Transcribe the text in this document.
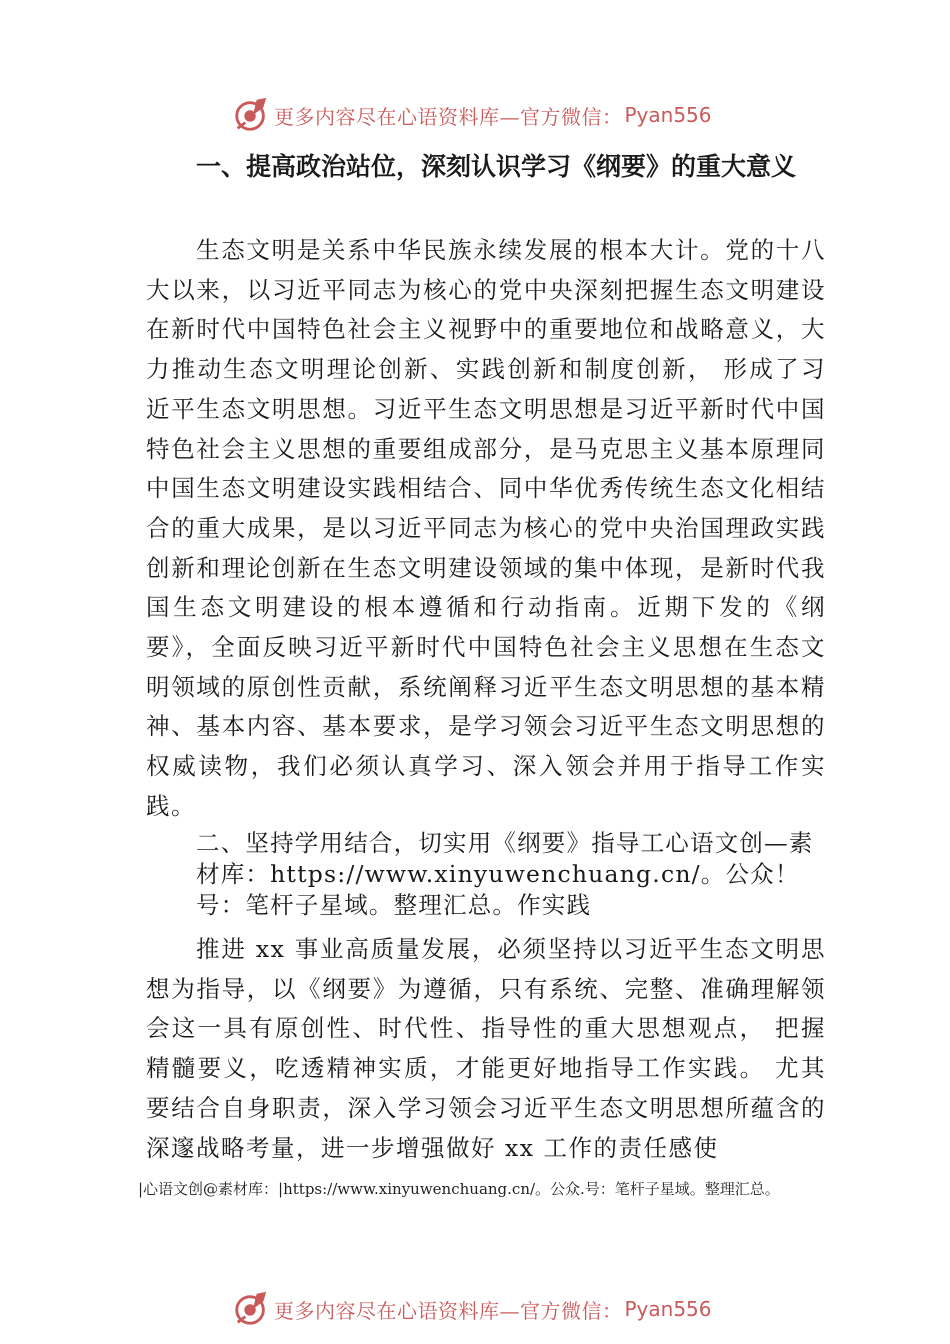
更多内容尽在心语资料库—官方微信： Pyan556
一、提高政治站位，深刻认识学习《纲要》的重大意义
生态文明是关系中华民族永续发展的根本大计。党的十八大以来，以习近平同志为核心的党中央深刻把握生态文明建设在新时代中国特色社会主义视野中的重要地位和战略意义，大力推动生态文明理论创新、实践创新和制度创新， 形成了习近平生态文明思想。习近平生态文明思想是习近平新时代中国特色社会主义思想的重要组成部分，是马克思主义基本原理同中国生态文明建设实践相结合、同中华优秀传统生态文化相结合的重大成果，是以习近平同志为核心的党中央治国理政实践创新和理论创新在生态文明建设领域的集中体现，是新时代我国生态文明建设的根本遵循和行动指南。近期下发的《纲要》，全面反映习近平新时代中国特色社会主义思想在生态文明领域的原创性贡献，系统阐释习近平生态文明思想的基本精神、基本内容、基本要求，是学习领会习近平生态文明思想的权威读物，我们必须认真学习、深入领会并用于指导工作实践。
二、坚持学用结合，切实用《纲要》指导工心语文创—素材库：https://www.xinyuwenchuang.cn/。公众！号：笔杆子星域。整理汇总。作实践
推进 xx 事业高质量发展，必须坚持以习近平生态文明思想为指导，以《纲要》为遵循，只有系统、完整、准确理解领会这一具有原创性、时代性、指导性的重大思想观点， 把握精髓要义，吃透精神实质，才能更好地指导工作实践。 尤其要结合自身职责，深入学习领会习近平生态文明思想所蕴含的深邃战略考量，进一步增强做好 xx 工作的责任感使
|心语文创@素材库：|https://www.xinyuwenchuang.cn/。公众.号：笔杆子星域。整理汇总。
更多内容尽在心语资料库—官方微信： Pyan556
